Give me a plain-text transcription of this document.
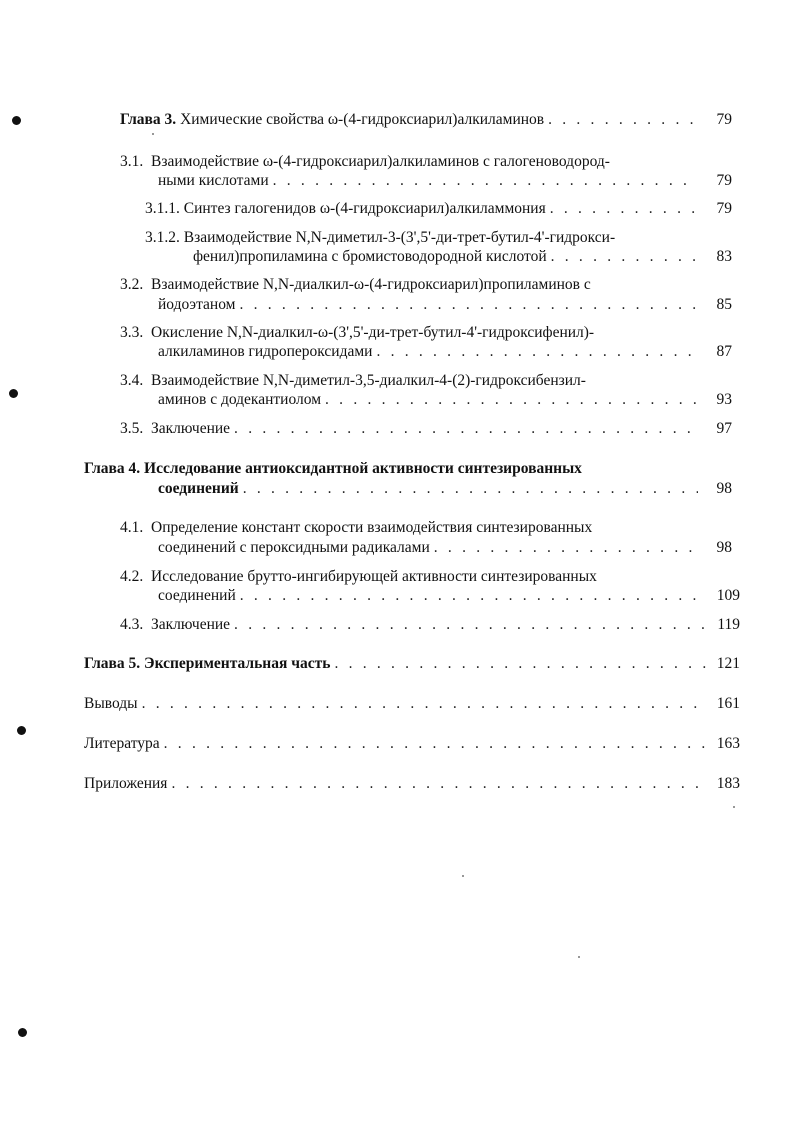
Глава 3. Химические свойства ω-(4-гидроксиарил)алкиламинов . . .	79
3.1. Взаимодействие ω-(4-гидроксиарил)алкиламинов с галогеноводород-
ными кислотами . . .	79
3.1.1. Синтез галогенидов ω-(4-гидроксиарил)алкиламмония . . .	79
3.1.2. Взаимодействие N,N-диметил-3-(3',5'-ди-трет-бутил-4'-гидрокси-
фенил)пропиламина с бромистоводородной кислотой . . .	83
3.2. Взаимодействие N,N-диалкил-ω-(4-гидроксиарил)пропиламинов с
йодоэтаном . . .	85
3.3. Окисление N,N-диалкил-ω-(3',5'-ди-трет-бутил-4'-гидроксифенил)-
алкиламинов гидропероксидами . . .	87
3.4. Взаимодействие N,N-диметил-3,5-диалкил-4-(2)-гидроксибензил-
аминов с додекантиолом . . .	93
3.5. Заключение . . .	97
Глава 4. Исследование антиоксидантной активности синтезированных
соединений . . .	98
4.1. Определение констант скорости взаимодействия синтезированных
соединений с пероксидными радикалами . . .	98
4.2. Исследование брутто-ингибирующей активности синтезированных
соединений . . .	109
4.3. Заключение . . .	119
Глава 5. Экспериментальная часть . . .	121
Выводы . . .	161
Литература . . .	163
Приложения . . .	183
